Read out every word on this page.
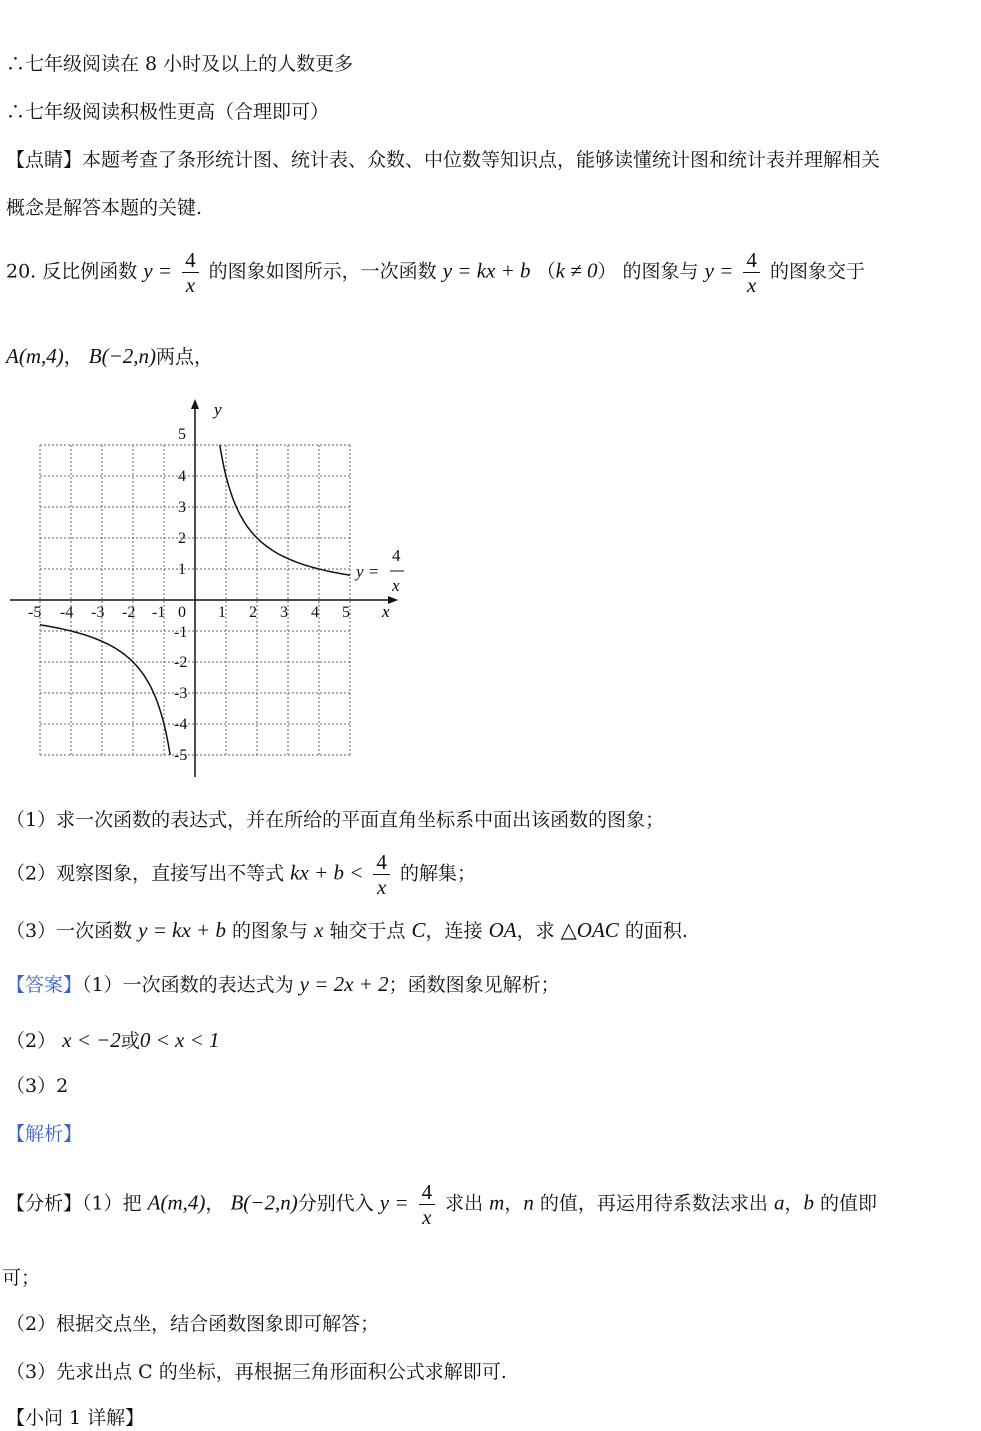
∴七年级阅读在 8 小时及以上的人数更多
∴七年级阅读积极性更高（合理即可）
【点睛】本题考查了条形统计图、统计表、众数、中位数等知识点，能够读懂统计图和统计表并理解相关
概念是解答本题的关键.
20. 反比例函数 $y = \frac{4}{x}$ 的图象如图所示，一次函数 y = kx + b （k ≠ 0） 的图象与 $y = \frac{4}{x}$ 的图象交于
A(m,4)， B(−2,n)两点，
y
x
0
-5 -4 -3 -2 -1	1 2 3 4 5
5
4
3
2
1
-1
-2
-3
-4
-5
y =
4
x
（1）求一次函数的表达式，并在所给的平面直角坐标系中面出该函数的图象；
（2）观察图象，直接写出不等式 kx + $b < \frac{4}{x}$ 的解集；
（3）一次函数 y = kx + b 的图象与 x 轴交于点 C，连接 OA，求 △OAC 的面积.
【答案】（1）一次函数的表达式为 y = 2x + 2；函数图象见解析；
（2） x < −2或0 < x < 1
（3）2
【解析】
【分析】（1）把 A(m,4)， B(−2,n)分别代入 $y = \frac{4}{x}$ 求出 m，n 的值，再运用待系数法求出 a，b 的值即
可；
（2）根据交点坐，结合函数图象即可解答；
（3）先求出点 C 的坐标，再根据三角形面积公式求解即可.
【小问 1 详解】
